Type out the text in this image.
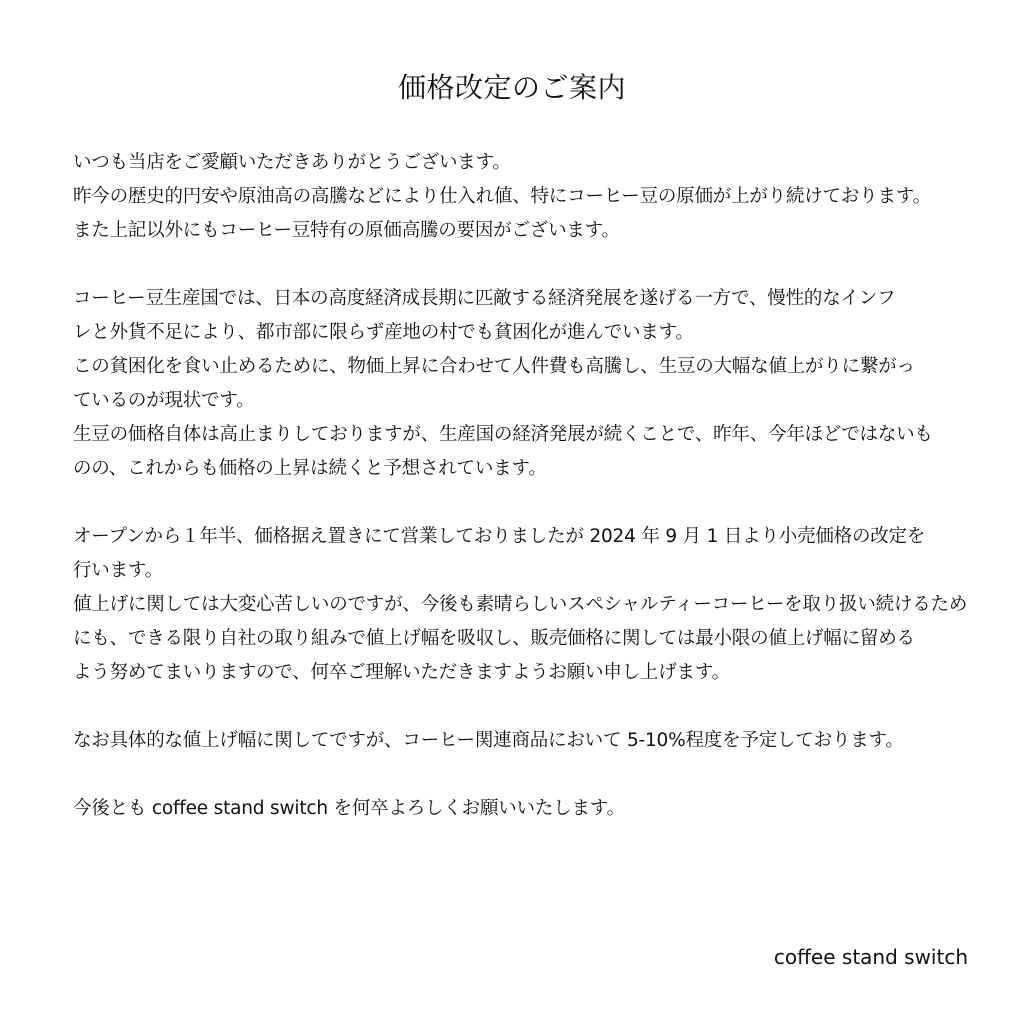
価格改定のご案内
いつも当店をご愛顧いただきありがとうございます。
昨今の歴史的円安や原油高の高騰などにより仕入れ値、特にコーヒー豆の原価が上がり続けております。
また上記以外にもコーヒー豆特有の原価高騰の要因がございます。
コーヒー豆生産国では、日本の高度経済成長期に匹敵する経済発展を遂げる一方で、慢性的なインフ
レと外貨不足により、都市部に限らず産地の村でも貧困化が進んでいます。
この貧困化を食い止めるために、物価上昇に合わせて人件費も高騰し、生豆の大幅な値上がりに繋がっ
ているのが現状です。
生豆の価格自体は高止まりしておりますが、生産国の経済発展が続くことで、昨年、今年ほどではないも
のの、これからも価格の上昇は続くと予想されています。
オープンから１年半、価格据え置きにて営業しておりましたが 2024 年 9 月 1 日より小売価格の改定を
行います。
値上げに関しては大変心苦しいのですが、今後も素晴らしいスペシャルティーコーヒーを取り扱い続けるため
にも、できる限り自社の取り組みで値上げ幅を吸収し、販売価格に関しては最小限の値上げ幅に留める
よう努めてまいりますので、何卒ご理解いただきますようお願い申し上げます。
なお具体的な値上げ幅に関してですが、コーヒー関連商品において 5-10%程度を予定しております。
今後とも coffee stand switch を何卒よろしくお願いいたします。
coffee stand switch
